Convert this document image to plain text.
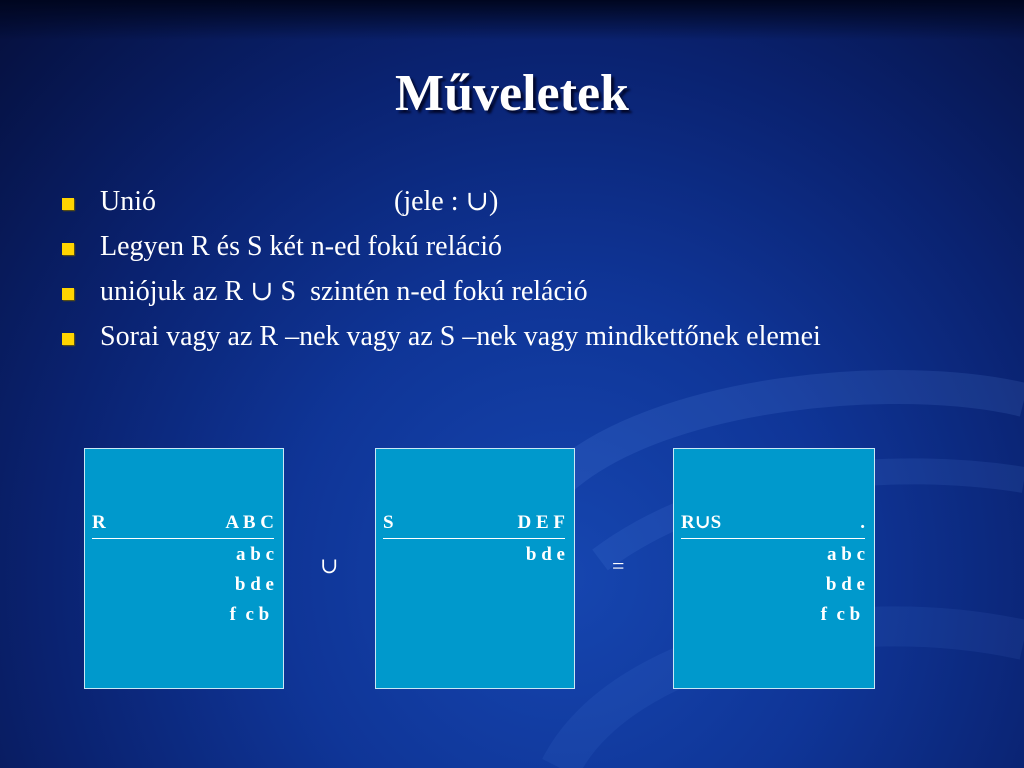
Műveletek
Unió                                  (jele : ∪)
Legyen R és S két n-ed fokú reláció
uniójuk az R ∪ S  szintén n-ed fokú reláció
Sorai vagy az R –nek vagy az S –nek vagy mindkettőnek elemei
R	A B C
a b c
b d e
f  c b
∪
S	D E F
b d e =
R∪S	.
a b c
b d e
f  c b
